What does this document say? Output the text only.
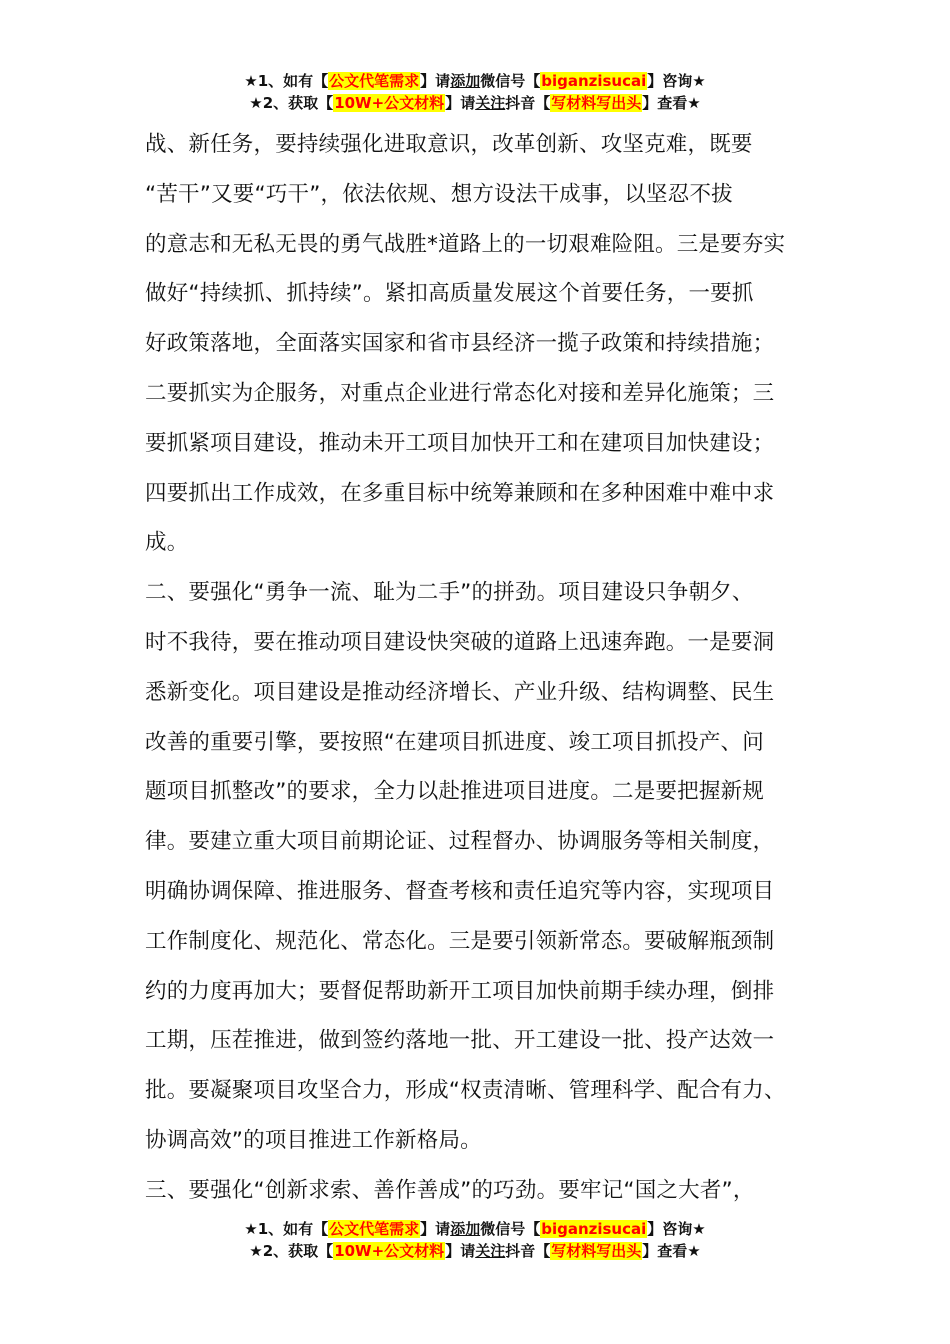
★1、如有【公文代笔需求】请添加微信号【biganzisucai】咨询★
★2、获取【10W+公文材料】请关注抖音【写材料写出头】查看★
战、新任务，要持续强化进取意识，改革创新、攻坚克难，既要
“苦干”又要“巧干”，依法依规、想方设法干成事，以坚忍不拔
的意志和无私无畏的勇气战胜*道路上的一切艰难险阻。三是要夯实
做好“持续抓、抓持续”。紧扣高质量发展这个首要任务，一要抓
好政策落地，全面落实国家和省市县经济一揽子政策和持续措施；
二要抓实为企服务，对重点企业进行常态化对接和差异化施策；三
要抓紧项目建设，推动未开工项目加快开工和在建项目加快建设；
四要抓出工作成效，在多重目标中统筹兼顾和在多种困难中难中求
成。
二、要强化“勇争一流、耻为二手”的拼劲。项目建设只争朝夕、
时不我待，要在推动项目建设快突破的道路上迅速奔跑。一是要洞
悉新变化。项目建设是推动经济增长、产业升级、结构调整、民生
改善的重要引擎，要按照“在建项目抓进度、竣工项目抓投产、问
题项目抓整改”的要求，全力以赴推进项目进度。二是要把握新规
律。要建立重大项目前期论证、过程督办、协调服务等相关制度，
明确协调保障、推进服务、督查考核和责任追究等内容，实现项目
工作制度化、规范化、常态化。三是要引领新常态。要破解瓶颈制
约的力度再加大；要督促帮助新开工项目加快前期手续办理，倒排
工期，压茬推进，做到签约落地一批、开工建设一批、投产达效一
批。要凝聚项目攻坚合力，形成“权责清晰、管理科学、配合有力、
协调高效”的项目推进工作新格局。
三、要强化“创新求索、善作善成”的巧劲。要牢记“国之大者”，
★1、如有【公文代笔需求】请添加微信号【biganzisucai】咨询★
★2、获取【10W+公文材料】请关注抖音【写材料写出头】查看★
